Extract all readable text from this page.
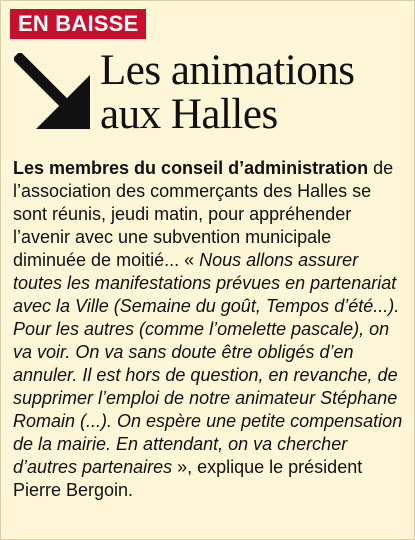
EN BAISSE
Les animations
aux Halles

Les membres du conseil d’administration de l’association des commerçants des Halles se sont réunis, jeudi matin, pour appréhender l’avenir avec une subvention municipale diminuée de moitié... « Nous allons assurer toutes les manifestations prévues en partenariat avec la Ville (Semaine du goût, Tempos d’été...). Pour les autres (comme l’omelette pascale), on va voir. On va sans doute être obligés d’en annuler. Il est hors de question, en revanche, de supprimer l’emploi de notre animateur Stéphane Romain (...). On espère une petite compensation de la mairie. En attendant, on va chercher d’autres partenaires », explique le président Pierre Bergoin.
